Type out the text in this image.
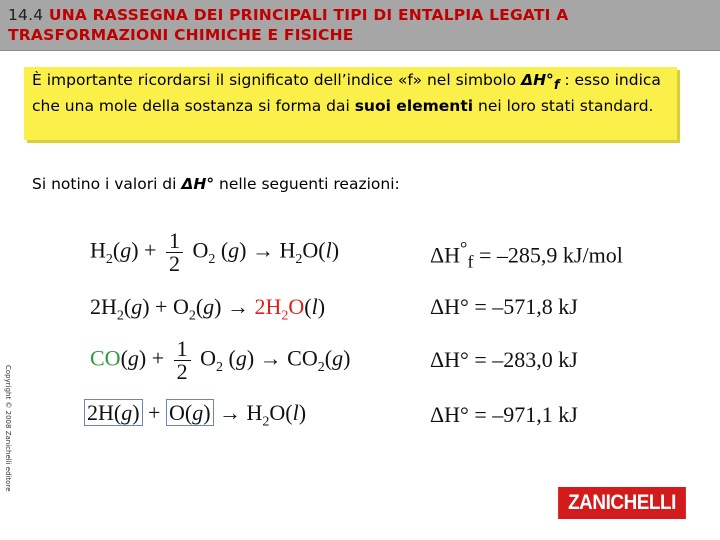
14.4 UNA RASSEGNA DEI PRINCIPALI TIPI DI ENTALPIA LEGATI A TRASFORMAZIONI CHIMICHE E FISICHE
È importante ricordarsi il significato dell’indice «f» nel simbolo $\Delta H^\circ_f$ : esso indica che una mole della sostanza si forma dai suoi elementi nei loro stati standard.
Si notino i valori di ΔH° nelle seguenti reazioni:
$H_2(g) + \frac{1}{2} O_2$ $(g) \to H_2O(l)$	$\Delta H^\circ_f = -285,9$ kJ/mol
$2H_2(g) + O_2(g) \to 2H_2O(l)$	ΔH° = –571,8 kJ
$CO(g) + \frac{1}{2} O_2$ $(g) \to CO_2(g)$	ΔH° = –283,0 kJ
$2H(g) + O(g) \to H_2O(l)$	ΔH° = –971,1 kJ
Copyright © 2008 Zanichelli editore
ZANICHELLI
